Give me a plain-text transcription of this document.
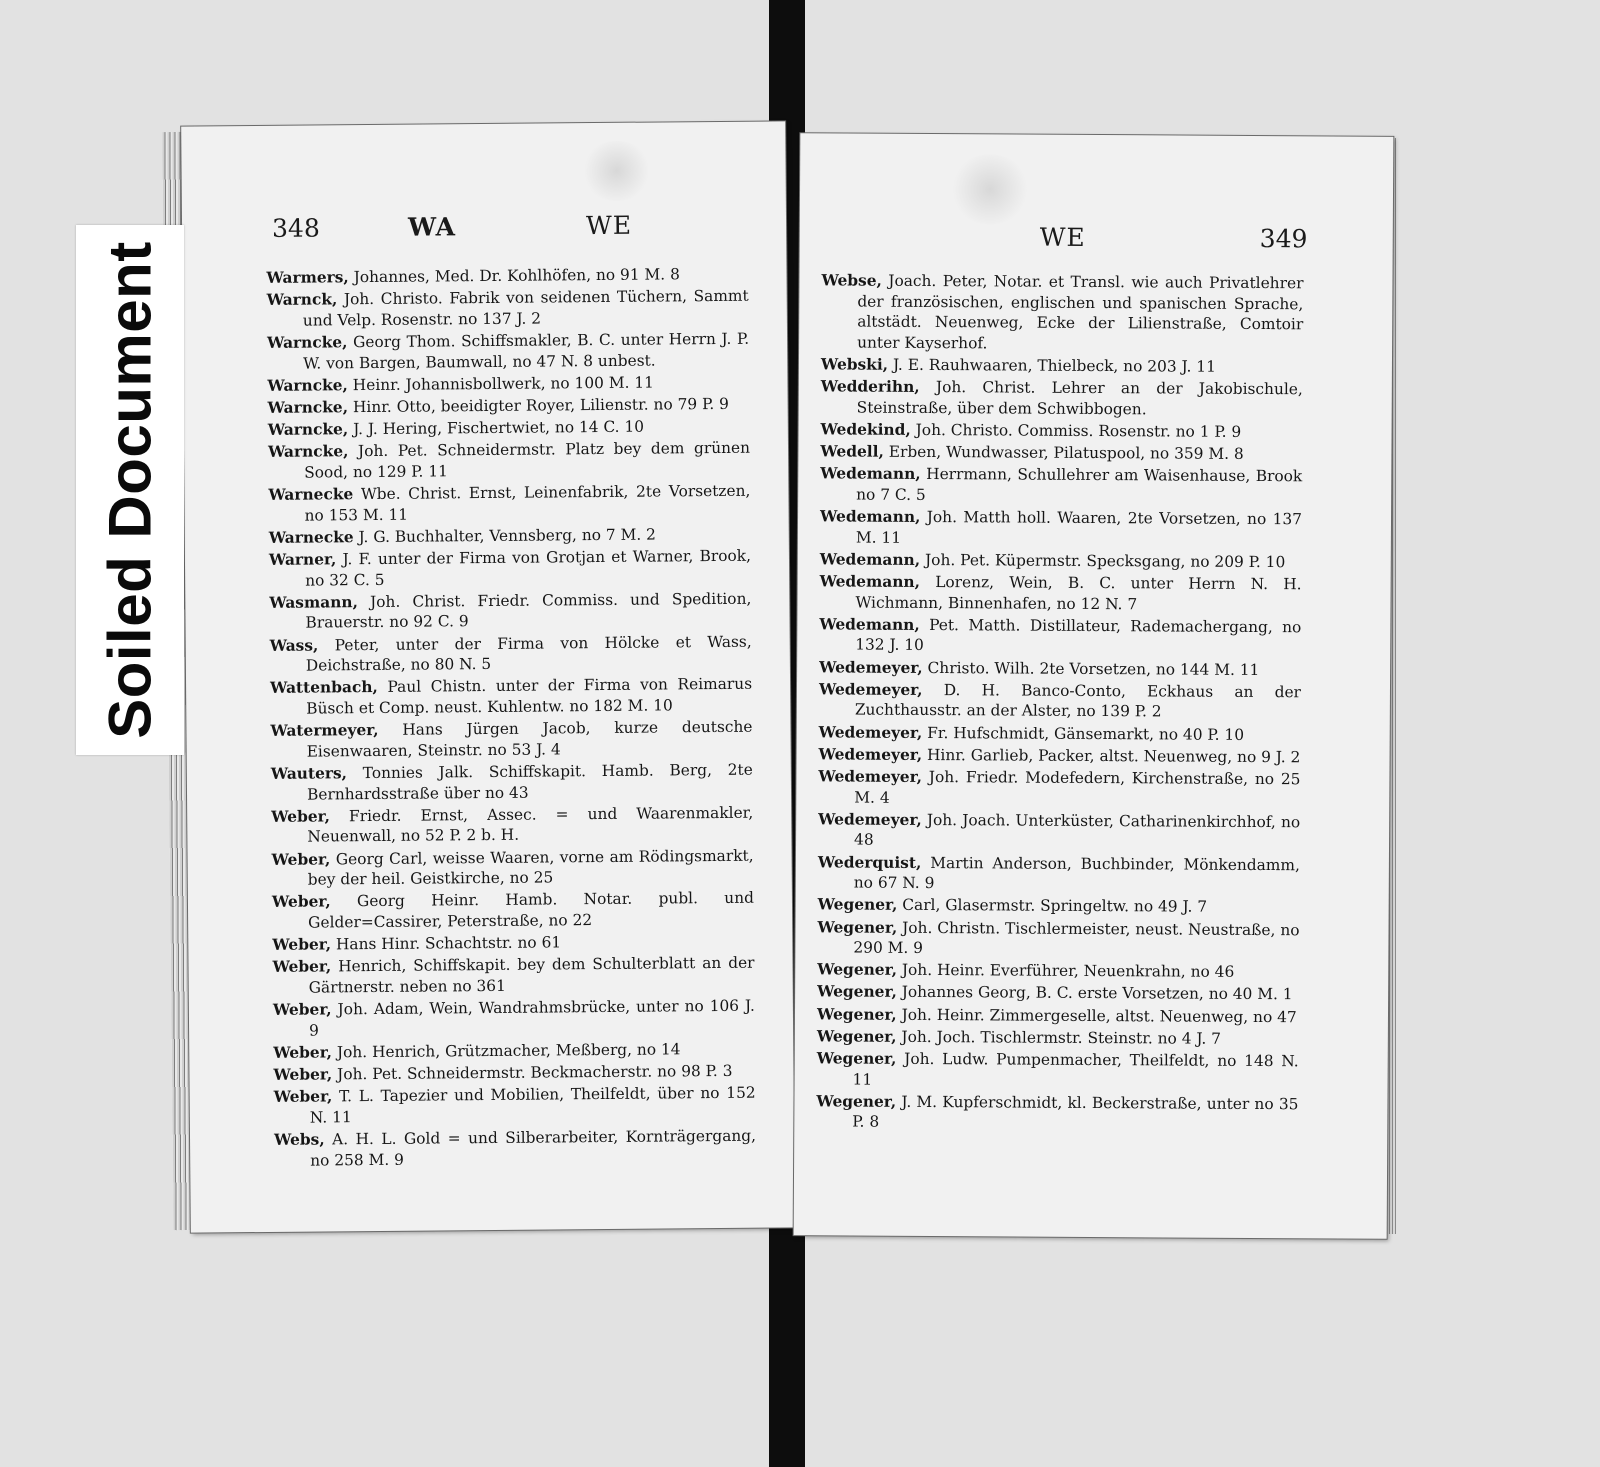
348	WA	WE
Warmers, Johannes, Med. Dr. Kohlhöfen, no 91 M. 8
Warnck, Joh. Christo. Fabrik von seidenen Tüchern, Sammt und Velp. Rosenstr. no 137 J. 2
Warncke, Georg Thom. Schiffsmakler, B. C. unter Herrn J. P. W. von Bargen, Baumwall, no 47 N. 8 unbest.
Warncke, Heinr. Johannisbollwerk, no 100 M. 11
Warncke, Hinr. Otto, beeidigter Royer, Lilienstr. no 79 P. 9
Warncke, J. J. Hering, Fischertwiet, no 14 C. 10
Warncke, Joh. Pet. Schneidermstr. Platz bey dem grünen Sood, no 129 P. 11
Warnecke Wbe. Christ. Ernst, Leinenfabrik, 2te Vorsetzen, no 153 M. 11
Warnecke J. G. Buchhalter, Vennsberg, no 7 M. 2
Warner, J. F. unter der Firma von Grotjan et Warner, Brook, no 32 C. 5
Wasmann, Joh. Christ. Friedr. Commiss. und Spedition, Brauerstr. no 92 C. 9
Wass, Peter, unter der Firma von Hölcke et Wass, Deichstraße, no 80 N. 5
Wattenbach, Paul Chistn. unter der Firma von Reimarus Büsch et Comp. neust. Kuhlentw. no 182 M. 10
Watermeyer, Hans Jürgen Jacob, kurze deutsche Eisenwaaren, Steinstr. no 53 J. 4
Wauters, Tonnies Jalk. Schiffskapit. Hamb. Berg, 2te Bernhardsstraße über no 43
Weber, Friedr. Ernst, Assec. = und Waarenmakler, Neuenwall, no 52 P. 2 b. H.
Weber, Georg Carl, weisse Waaren, vorne am Rödingsmarkt, bey der heil. Geistkirche, no 25
Weber, Georg Heinr. Hamb. Notar. publ. und Gelder=Cassirer, Peterstraße, no 22
Weber, Hans Hinr. Schachtstr. no 61
Weber, Henrich, Schiffskapit. bey dem Schulterblatt an der Gärtnerstr. neben no 361
Weber, Joh. Adam, Wein, Wandrahmsbrücke, unter no 106 J. 9
Weber, Joh. Henrich, Grützmacher, Meßberg, no 14
Weber, Joh. Pet. Schneidermstr. Beckmacherstr. no 98 P. 3
Weber, T. L. Tapezier und Mobilien, Theilfeldt, über no 152 N. 11
Webs, A. H. L. Gold = und Silberarbeiter, Kornträgergang, no 258 M. 9
WE	349
Webse, Joach. Peter, Notar. et Transl. wie auch Privatlehrer der französischen, englischen und spanischen Sprache, altstädt. Neuenweg, Ecke der Lilienstraße, Comtoir unter Kayserhof.
Webski, J. E. Rauhwaaren, Thielbeck, no 203 J. 11
Wedderihn, Joh. Christ. Lehrer an der Jakobischule, Steinstraße, über dem Schwibbogen.
Wedekind, Joh. Christo. Commiss. Rosenstr. no 1 P. 9
Wedell, Erben, Wundwasser, Pilatuspool, no 359 M. 8
Wedemann, Herrmann, Schullehrer am Waisenhause, Brook no 7 C. 5
Wedemann, Joh. Matth holl. Waaren, 2te Vorsetzen, no 137 M. 11
Wedemann, Joh. Pet. Küpermstr. Specksgang, no 209 P. 10
Wedemann, Lorenz, Wein, B. C. unter Herrn N. H. Wichmann, Binnenhafen, no 12 N. 7
Wedemann, Pet. Matth. Distillateur, Rademachergang, no 132 J. 10
Wedemeyer, Christo. Wilh. 2te Vorsetzen, no 144 M. 11
Wedemeyer, D. H. Banco-Conto, Eckhaus an der Zuchthausstr. an der Alster, no 139 P. 2
Wedemeyer, Fr. Hufschmidt, Gänsemarkt, no 40 P. 10
Wedemeyer, Hinr. Garlieb, Packer, altst. Neuenweg, no 9 J. 2
Wedemeyer, Joh. Friedr. Modefedern, Kirchenstraße, no 25 M. 4
Wedemeyer, Joh. Joach. Unterküster, Catharinenkirchhof, no 48
Wederquist, Martin Anderson, Buchbinder, Mönkendamm, no 67 N. 9
Wegener, Carl, Glasermstr. Springeltw. no 49 J. 7
Wegener, Joh. Christn. Tischlermeister, neust. Neustraße, no 290 M. 9
Wegener, Joh. Heinr. Everführer, Neuenkrahn, no 46
Wegener, Johannes Georg, B. C. erste Vorsetzen, no 40 M. 1
Wegener, Joh. Heinr. Zimmergeselle, altst. Neuenweg, no 47
Wegener, Joh. Joch. Tischlermstr. Steinstr. no 4 J. 7
Wegener, Joh. Ludw. Pumpenmacher, Theilfeldt, no 148 N. 11
Wegener, J. M. Kupferschmidt, kl. Beckerstraße, unter no 35 P. 8
Soiled Document
